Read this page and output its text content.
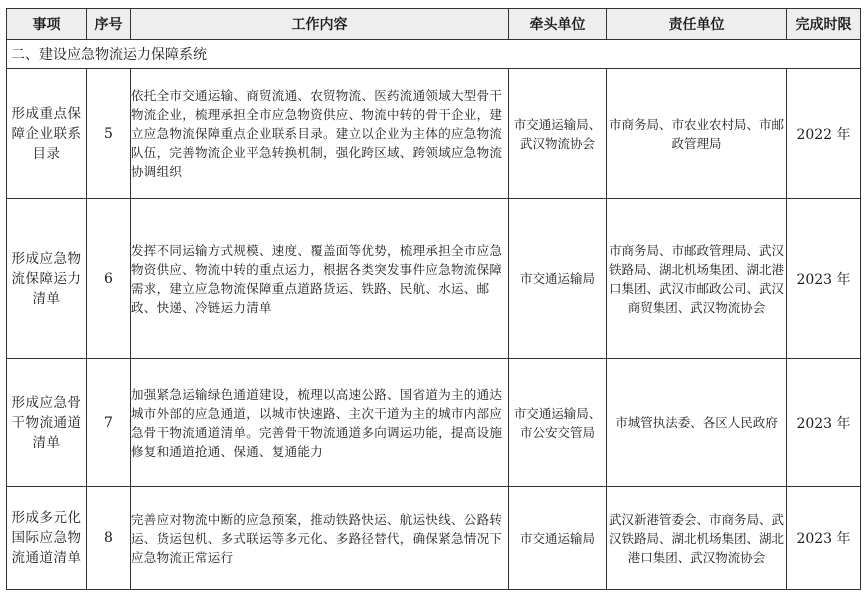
事项	序号	工作内容	牵头单位	责任单位	完成时限
二、建设应急物流运力保障系统					
形成重点保障企业联系目录	5	依托全市交通运输、商贸流通、农贸物流、医药流通领域大型骨干物流企业，梳理承担全市应急物资供应、物流中转的骨干企业，建立应急物流保障重点企业联系目录。建立以企业为主体的应急物流队伍，完善物流企业平急转换机制，强化跨区域、跨领域应急物流协调组织	市交通运输局、武汉物流协会	市商务局、市农业农村局、市邮政管理局	2022 年
形成应急物流保障运力清单	6	发挥不同运输方式规模、速度、覆盖面等优势，梳理承担全市应急物资供应、物流中转的重点运力，根据各类突发事件应急物流保障需求，建立应急物流保障重点道路货运、铁路、民航、水运、邮政、快递、冷链运力清单	市交通运输局	市商务局、市邮政管理局、武汉铁路局、湖北机场集团、湖北港口集团、武汉市邮政公司、武汉商贸集团、武汉物流协会	2023 年
形成应急骨干物流通道清单	7	加强紧急运输绿色通道建设，梳理以高速公路、国省道为主的通达城市外部的应急通道，以城市快速路、主次干道为主的城市内部应急骨干物流通道清单。完善骨干物流通道多向调运功能，提高设施修复和通道抢通、保通、复通能力	市交通运输局、市公安交管局	市城管执法委、各区人民政府	2023 年
形成多元化国际应急物流通道清单	8	完善应对物流中断的应急预案，推动铁路快运、航运快线、公路转运、货运包机、多式联运等多元化、多路径替代，确保紧急情况下应急物流正常运行	市交通运输局	武汉新港管委会、市商务局、武汉铁路局、湖北机场集团、湖北港口集团、武汉物流协会	2023 年
